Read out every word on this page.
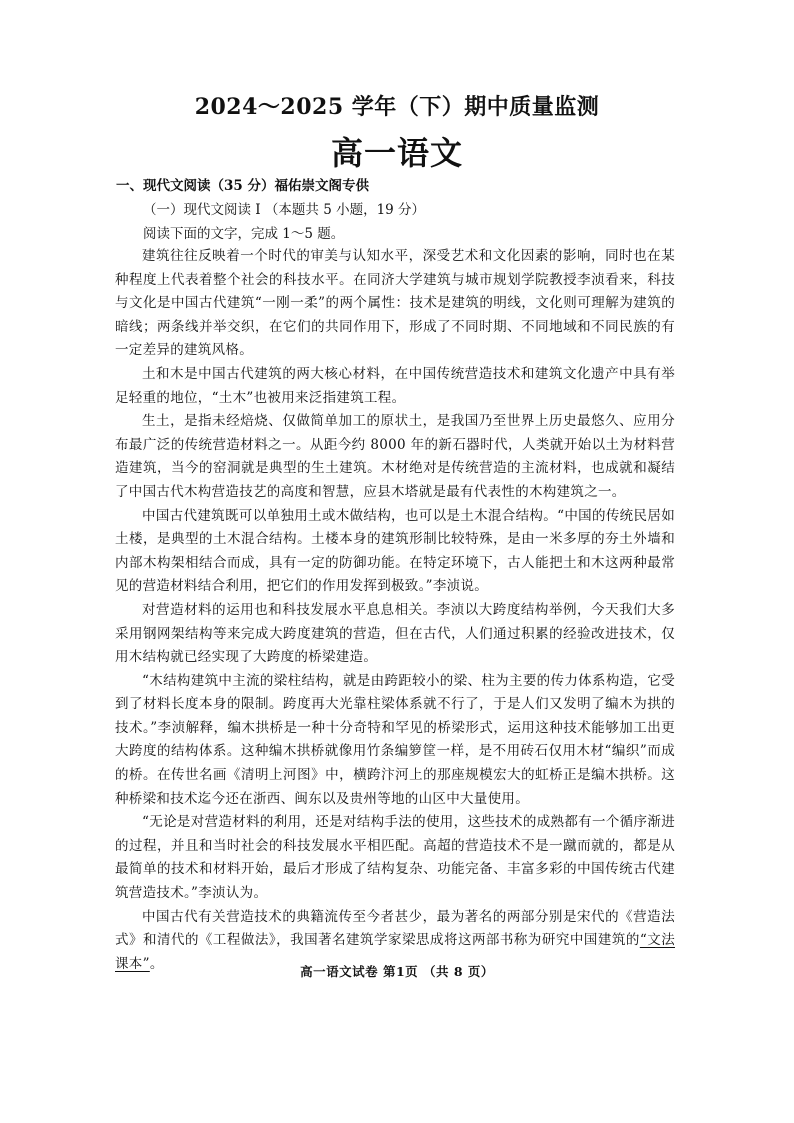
2024～2025 学年（下）期中质量监测
高一语文
一、现代文阅读（35 分）福佑崇文阁专供
（一）现代文阅读 I （本题共 5 小题，19 分）
阅读下面的文字，完成 1～5 题。

建筑往往反映着一个时代的审美与认知水平，深受艺术和文化因素的影响，同时也在某种程度上代表着整个社会的科技水平。在同济大学建筑与城市规划学院教授李浈看来，科技与文化是中国古代建筑“一刚一柔”的两个属性：技术是建筑的明线，文化则可理解为建筑的暗线；两条线并举交织，在它们的共同作用下，形成了不同时期、不同地域和不同民族的有一定差异的建筑风格。

土和木是中国古代建筑的两大核心材料，在中国传统营造技术和建筑文化遗产中具有举足轻重的地位，“土木”也被用来泛指建筑工程。

生土，是指未经焙烧、仅做简单加工的原状土，是我国乃至世界上历史最悠久、应用分布最广泛的传统营造材料之一。从距今约 8000 年的新石器时代，人类就开始以土为材料营造建筑，当今的窑洞就是典型的生土建筑。木材绝对是传统营造的主流材料，也成就和凝结了中国古代木构营造技艺的高度和智慧，应县木塔就是最有代表性的木构建筑之一。

中国古代建筑既可以单独用土或木做结构，也可以是土木混合结构。“中国的传统民居如土楼，是典型的土木混合结构。土楼本身的建筑形制比较特殊，是由一米多厚的夯土外墙和内部木构架相结合而成，具有一定的防御功能。在特定环境下，古人能把土和木这两种最常见的营造材料结合利用，把它们的作用发挥到极致。”李浈说。

对营造材料的运用也和科技发展水平息息相关。李浈以大跨度结构举例，今天我们大多采用钢网架结构等来完成大跨度建筑的营造，但在古代，人们通过积累的经验改进技术，仅用木结构就已经实现了大跨度的桥梁建造。

“木结构建筑中主流的梁柱结构，就是由跨距较小的梁、柱为主要的传力体系构造，它受到了材料长度本身的限制。跨度再大光靠柱梁体系就不行了，于是人们又发明了编木为拱的技术。”李浈解释，编木拱桥是一种十分奇特和罕见的桥梁形式，运用这种技术能够加工出更大跨度的结构体系。这种编木拱桥就像用竹条编箩筐一样，是不用砖石仅用木材“编织”而成的桥。在传世名画《清明上河图》中，横跨汴河上的那座规模宏大的虹桥正是编木拱桥。这种桥梁和技术迄今还在浙西、闽东以及贵州等地的山区中大量使用。

“无论是对营造材料的利用，还是对结构手法的使用，这些技术的成熟都有一个循序渐进的过程，并且和当时社会的科技发展水平相匹配。高超的营造技术不是一蹴而就的，都是从最简单的技术和材料开始，最后才形成了结构复杂、功能完备、丰富多彩的中国传统古代建筑营造技术。”李浈认为。

中国古代有关营造技术的典籍流传至今者甚少，最为著名的两部分别是宋代的《营造法式》和清代的《工程做法》，我国著名建筑学家梁思成将这两部书称为研究中国建筑的“文法课本”。	高一语文试卷 第1页 （共 8 页）
